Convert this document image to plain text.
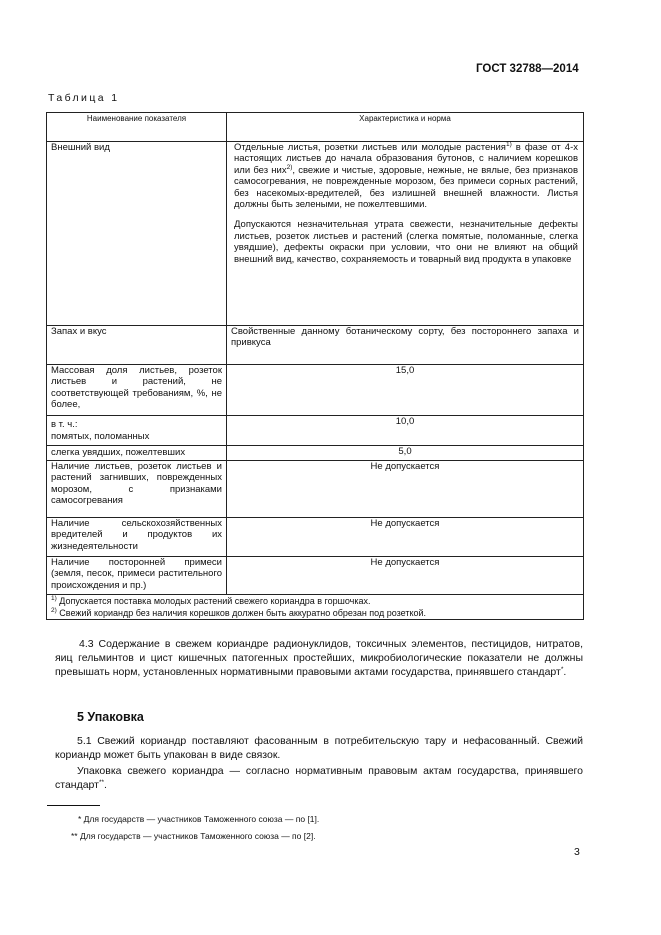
ГОСТ 32788—2014
Таблица 1
Наименование показателя	Характеристика и норма
Внешний вид	Отдельные листья, розетки листьев или молодые растения$^{1)}$ в фазе от 4-х настоящих листьев до начала образования бутонов, с наличием корешков или без них$^{2)}$, свежие и чистые, здоровые, нежные, не вялые, без признаков самосогревания, не поврежденные морозом, без примеси сорных растений, без насекомых-вредителей, без излишней внешней влажности. Листья должны быть зелеными, не пожелтевшими.

Допускаются незначительная утрата свежести, незначительные дефекты листьев, розеток листьев и растений (слегка помятые, поломанные, слегка увядшие), дефекты окраски при условии, что они не влияют на общий внешний вид, качество, сохраняемость и товарный вид продукта в упаковке

Запах и вкус	Свойственные данному ботаническому сорту, без постороннего запаха и привкуса
Массовая доля листьев, розеток листьев и растений, не соответствующей требованиям, %, не более,	15,0

в т. ч.:
помятых, поломанных	10,0
слегка увядших, пожелтевших	5,0
Наличие листьев, розеток листьев и растений загнивших, поврежденных морозом, с признаками самосогревания	Не допускается
Наличие сельскохозяйственных вредителей и продуктов их жизнедеятельности	Не допускается
Наличие посторонней примеси (земля, песок, примеси растительного происхождения и пр.)	Не допускается

$^{1)}$ Допускается поставка молодых растений свежего кориандра в горшочках.
$^{2)}$ Свежий кориандр без наличия корешков должен быть аккуратно обрезан под розеткой.	
4.3 Содержание в свежем кориандре радионуклидов, токсичных элементов, пестицидов, нитратов, яиц гельминтов и цист кишечных патогенных простейших, микробиологические показатели не должны превышать норм, установленных нормативными правовыми актами государства, принявшего стандарт*.
5 Упаковка
5.1 Свежий кориандр поставляют фасованным в потребительскую тару и нефасованный. Свежий кориандр может быть упакован в виде связок.
Упаковка свежего кориандра — согласно нормативным правовым актам государства, принявшего стандарт**.
* Для государств — участников Таможенного союза — по [1].
** Для государств — участников Таможенного союза — по [2].
3
